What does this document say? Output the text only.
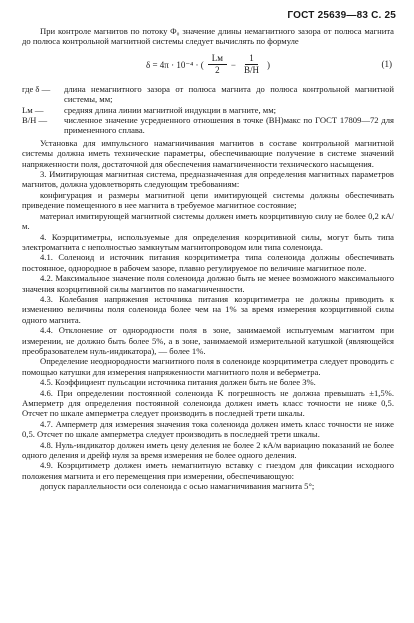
ГОСТ 25639—83 С. 25

При контроле магнитов по потоку Φ₀ значение длины немагнитного зазора от полюса магнита до полюса контрольной магнитной системы следует вычислять по формуле

δ = 4π · 10⁻⁴ · ( $\frac{Lм}{2} - \frac{1}{B/H}$ )	(1)
где δ —	длина немагнитного зазора от полюса магнита до полюса контрольной магнитной системы, мм;
Lм —	средняя длина линии магнитной индукции в магните, мм;
B/H —	численное значение усредненного отношения в точке (BH)макс по ГОСТ 17809—72 для примененного сплава.

Установка для импульсного намагничивания магнитов в составе контрольной магнитной системы должна иметь технические параметры, обеспечивающие получение в системе значений напряженности поля, достаточной для обеспечения намагниченности технического насыщения.

3. Имитирующая магнитная система, предназначенная для определения магнитных параметров магнитов, должна удовлетворять следующим требованиям:

конфигурация и размеры магнитной цепи имитирующей системы должны обеспечивать приведение помещенного в нее магнита в требуемое магнитное состояние;

материал имитирующей магнитной системы должен иметь коэрцитивную силу не более 0,2 кА/м.

4. Коэрцитиметры, используемые для определения коэрцитивной силы, могут быть типа электромагнита с неполностью замкнутым магнитопроводом или типа соленоида.

4.1. Соленоид и источник питания коэрцитиметра типа соленоида должны обеспечивать постоянное, однородное в рабочем зазоре, плавно регулируемое по величине магнитное поле.

4.2. Максимальное значение поля соленоида должно быть не менее возможного максимального значения коэрцитивной силы магнитов по намагниченности.

4.3. Колебания напряжения источника питания коэрцитиметра не должны приводить к изменению величины поля соленоида более чем на 1% за время измерения коэрцитивной силы одного магнита.

4.4. Отклонение от однородности поля в зоне, занимаемой испытуемым магнитом при измерении, не должно быть более 5%, а в зоне, занимаемой измерительной катушкой (являющейся преобразователем нуль-индикатора), — более 1%.

Определение неоднородности магнитного поля в соленоиде коэрцитиметра следует проводить с помощью катушки для измерения напряженности магнитного поля и веберметра.

4.5. Коэффициент пульсации источника питания должен быть не более 3%.

4.6. При определении постоянной соленоида K погрешность не должна превышать ±1,5%. Амперметр для определения постоянной соленоида должен иметь класс точности не ниже 0,5. Отсчет по шкале амперметра следует производить в последней трети шкалы.

4.7. Амперметр для измерения значения тока соленоида должен иметь класс точности не ниже 0,5. Отсчет по шкале амперметра следует производить в последней трети шкалы.

4.8. Нуль-индикатор должен иметь цену деления не более 2 кА/м вариацию показаний не более одного деления и дрейф нуля за время измерения не более одного деления.

4.9. Коэрцитиметр должен иметь немагнитную вставку с гнездом для фиксации исходного положения магнита и его перемещения при измерении, обеспечивающую:

допуск параллельности оси соленоида с осью намагничивания магнита 5°;
